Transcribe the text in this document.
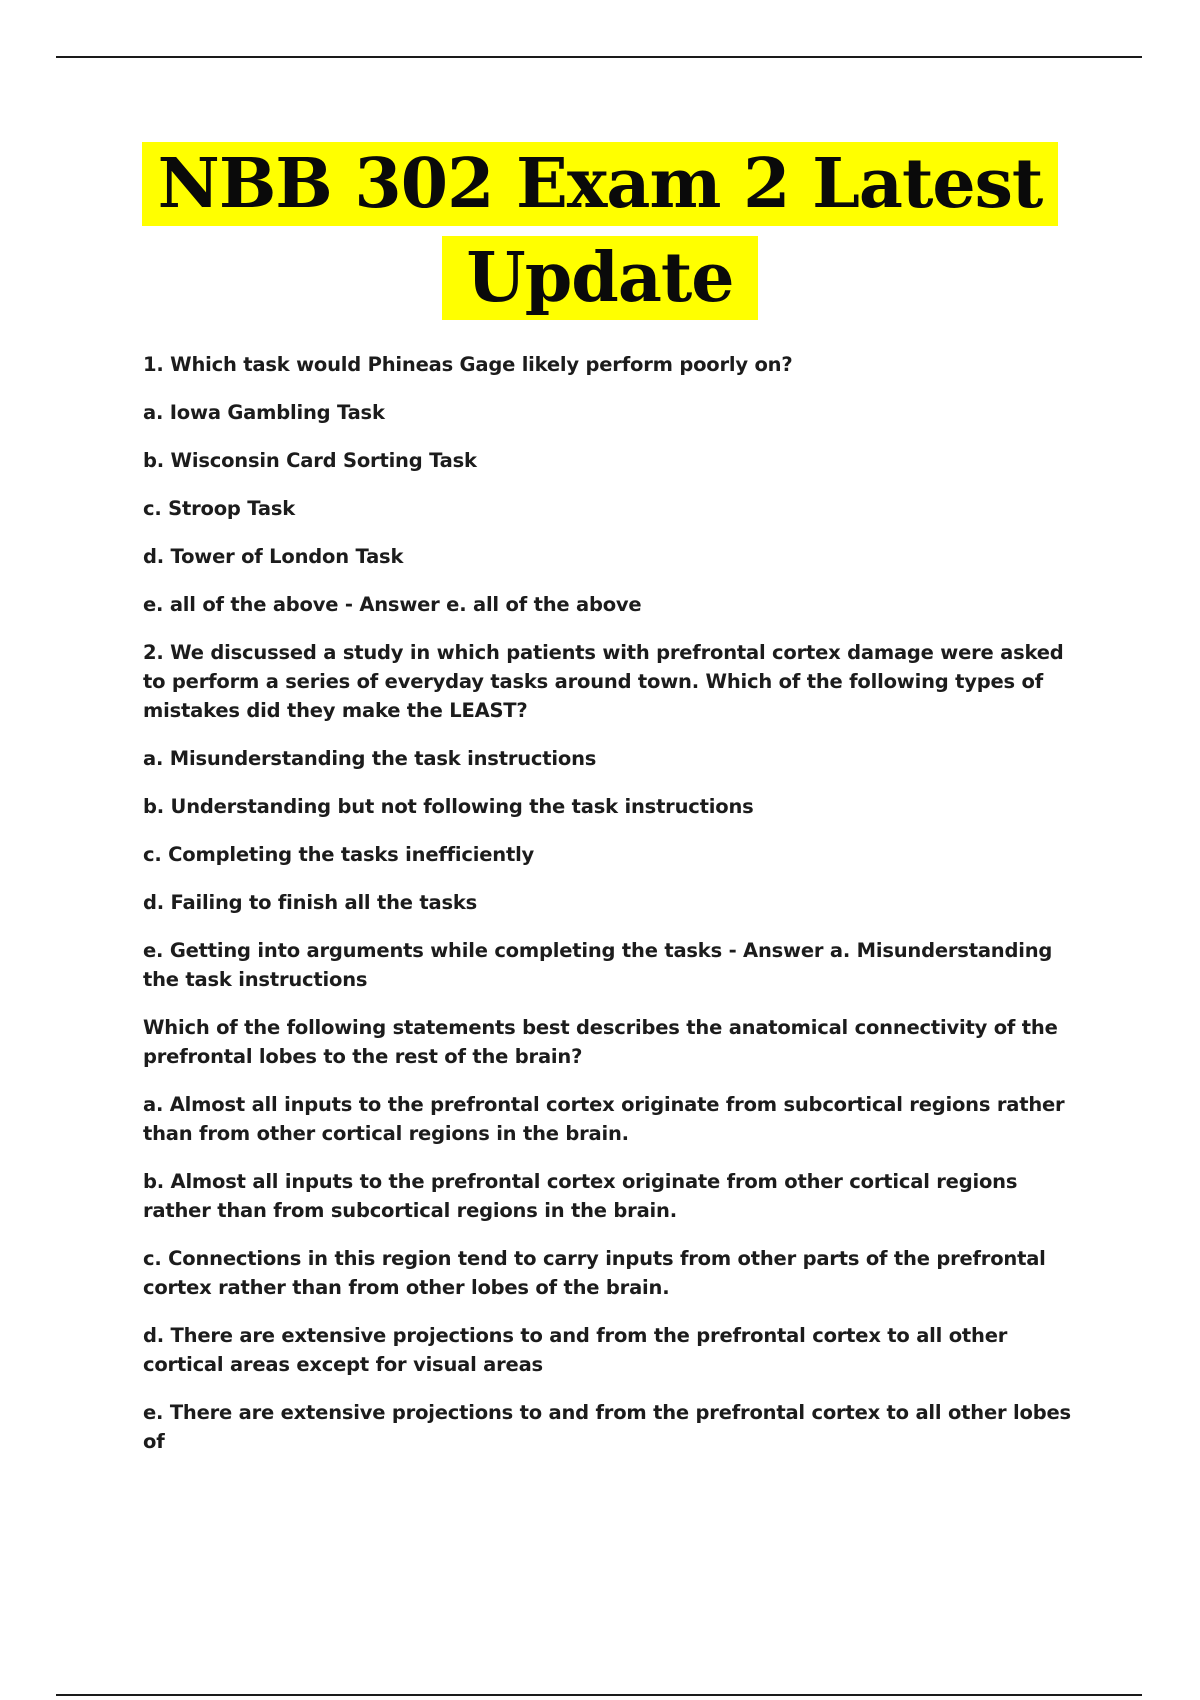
NBB 302 Exam 2 Latest
Update

1. Which task would Phineas Gage likely perform poorly on?

a. Iowa Gambling Task

b. Wisconsin Card Sorting Task

c. Stroop Task

d. Tower of London Task

e. all of the above - Answer e. all of the above

2. We discussed a study in which patients with prefrontal cortex damage were asked to perform a series of everyday tasks around town. Which of the following types of mistakes did they make the LEAST?

a. Misunderstanding the task instructions

b. Understanding but not following the task instructions

c. Completing the tasks inefficiently

d. Failing to finish all the tasks

e. Getting into arguments while completing the tasks - Answer a. Misunderstanding the task instructions

Which of the following statements best describes the anatomical connectivity of the prefrontal lobes to the rest of the brain?

a. Almost all inputs to the prefrontal cortex originate from subcortical regions rather than from other cortical regions in the brain.

b. Almost all inputs to the prefrontal cortex originate from other cortical regions rather than from subcortical regions in the brain.

c. Connections in this region tend to carry inputs from other parts of the prefrontal cortex rather than from other lobes of the brain.

d. There are extensive projections to and from the prefrontal cortex to all other cortical areas except for visual areas

e. There are extensive projections to and from the prefrontal cortex to all other lobes of
